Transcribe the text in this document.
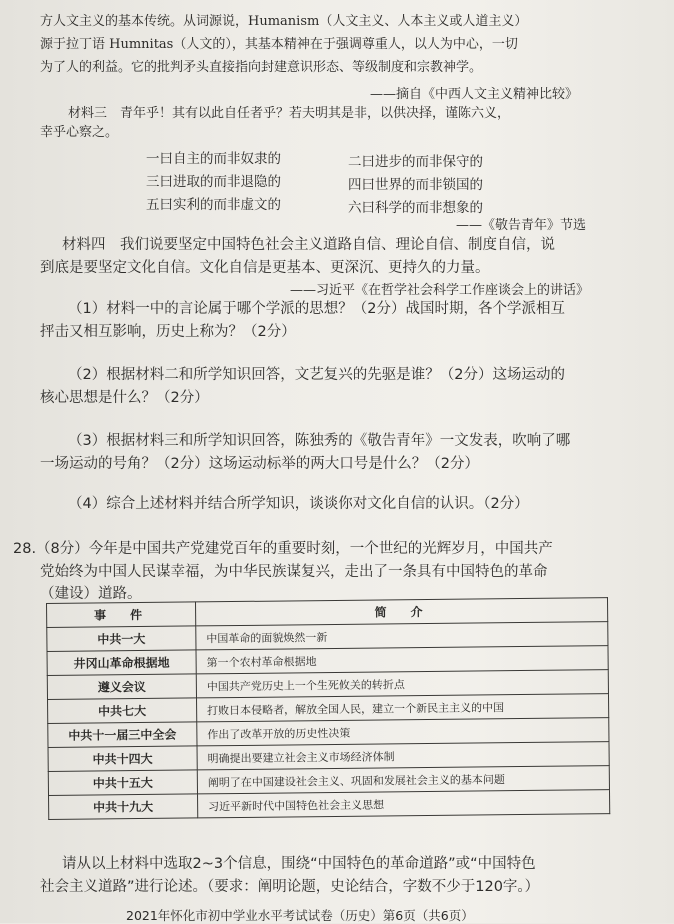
方人文主义的基本传统。从词源说，Humanism（人文主义、人本主义或人道主义）
源于拉丁语 Humnitas（人文的），其基本精神在于强调尊重人，以人为中心，一切
为了人的利益。它的批判矛头直接指向封建意识形态、等级制度和宗教神学。
——摘自《中西人文主义精神比较》
材料三　青年乎！其有以此自任者乎？若夫明其是非，以供决择，谨陈六义，
幸乎心察之。
一曰自主的而非奴隶的	二曰进步的而非保守的
三曰进取的而非退隐的	四曰世界的而非锁国的
五曰实利的而非虚文的	六曰科学的而非想象的
——《敬告青年》节选
材料四　我们说要坚定中国特色社会主义道路自信、理论自信、制度自信，说
到底是要坚定文化自信。文化自信是更基本、更深沉、更持久的力量。
——习近平《在哲学社会科学工作座谈会上的讲话》
（1）材料一中的言论属于哪个学派的思想？（2分）战国时期，各个学派相互
抨击又相互影响，历史上称为？（2分）
（2）根据材料二和所学知识回答，文艺复兴的先驱是谁？（2分）这场运动的
核心思想是什么？（2分）
（3）根据材料三和所学知识回答，陈独秀的《敬告青年》一文发表，吹响了哪
一场运动的号角？（2分）这场运动标举的两大口号是什么？（2分）
（4）综合上述材料并结合所学知识，谈谈你对文化自信的认识。（2分）
28.（8分）今年是中国共产党建党百年的重要时刻，一个世纪的光辉岁月，中国共产
党始终为中国人民谋幸福，为中华民族谋复兴，走出了一条具有中国特色的革命
（建设）道路。
事　件	简　介
中共一大	中国革命的面貌焕然一新
井冈山革命根据地	第一个农村革命根据地
遵义会议	中国共产党历史上一个生死攸关的转折点
中共七大	打败日本侵略者，解放全国人民，建立一个新民主主义的中国
中共十一届三中全会	作出了改革开放的历史性决策
中共十四大	明确提出要建立社会主义市场经济体制
中共十五大	阐明了在中国建设社会主义、巩固和发展社会主义的基本问题
中共十九大	习近平新时代中国特色社会主义思想
请从以上材料中选取2~3个信息，围绕“中国特色的革命道路”或“中国特色
社会主义道路”进行论述。（要求：阐明论题，史论结合，字数不少于120字。）
2021年怀化市初中学业水平考试试卷（历史）第6页（共6页）
